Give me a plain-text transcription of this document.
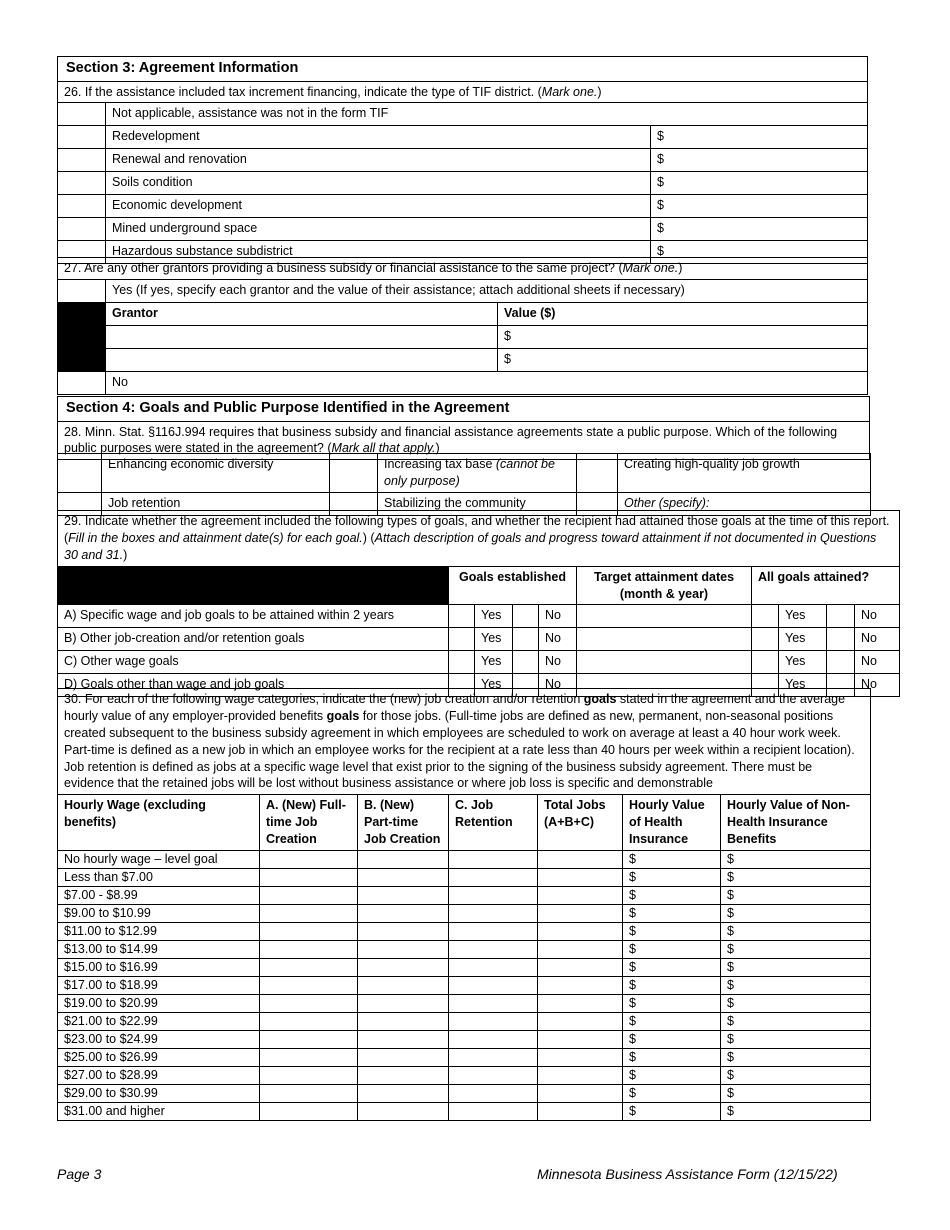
Section 3: Agreement Information		
26. If the assistance included tax increment financing, indicate the type of TIF district. (Mark one.)		
	Not applicable, assistance was not in the form TIF	
	Redevelopment	$
	Renewal and renovation	$
	Soils condition	$
	Economic development	$
	Mined underground space	$
	Hazardous substance subdistrict	$
27. Are any other grantors providing a business subsidy or financial assistance to the same project? (Mark one.)		
	Yes (If yes, specify each grantor and the value of their assistance; attach additional sheets if necessary)	
	Grantor	Value ($)
		$
		$
	No	
Section 4: Goals and Public Purpose Identified in the Agreement
28. Minn. Stat. §116J.994 requires that business subsidy and financial assistance agreements state a public purpose. Which of the following public purposes were stated in the agreement? (Mark all that apply.)
	Enhancing economic diversity		Increasing tax base (cannot be only purpose)		Creating high-quality job growth
	Job retention		Stabilizing the community		Other (specify):
29. Indicate whether the agreement included the following types of goals, and whether the recipient had attained those goals at the time of this report. (Fill in the boxes and attainment date(s) for each goal.) (Attach description of goals and progress toward attainment if not documented in Questions 30 and 31.)									
	Goals established				Target attainment dates (month & year)	All goals attained?			
A) Specific wage and job goals to be attained within 2 years		Yes		No			Yes		No
B) Other job-creation and/or retention goals		Yes		No			Yes		No
C) Other wage goals		Yes		No			Yes		No
D) Goals other than wage and job goals		Yes		No			Yes		No
30. For each of the following wage categories, indicate the (new) job creation and/or retention goals stated in the agreement and the average hourly value of any employer-provided benefits goals for those jobs. (Full-time jobs are defined as new, permanent, non-seasonal positions created subsequent to the business subsidy agreement in which employees are scheduled to work on average at least a 40 hour work week. Part-time is defined as a new job in which an employee works for the recipient at a rate less than 40 hours per week within a recipient location). Job retention is defined as jobs at a specific wage level that exist prior to the signing of the business subsidy agreement. There must be evidence that the retained jobs will be lost without business assistance or where job loss is specific and demonstrable						
Hourly Wage (excluding benefits)	A. (New) Full-time Job Creation	B. (New) Part-time Job Creation	C. Job Retention	Total Jobs (A+B+C)	Hourly Value of Health Insurance	Hourly Value of Non-Health Insurance Benefits
No hourly wage – level goal					$	$
Less than $7.00					$	$
$7.00 - $8.99					$	$
$9.00 to $10.99					$	$
$11.00 to $12.99					$	$
$13.00 to $14.99					$	$
$15.00 to $16.99					$	$
$17.00 to $18.99					$	$
$19.00 to $20.99					$	$
$21.00 to $22.99					$	$
$23.00 to $24.99					$	$
$25.00 to $26.99					$	$
$27.00 to $28.99					$	$
$29.00 to $30.99					$	$
$31.00 and higher					$	$
Page 3	Minnesota Business Assistance Form (12/15/22)
